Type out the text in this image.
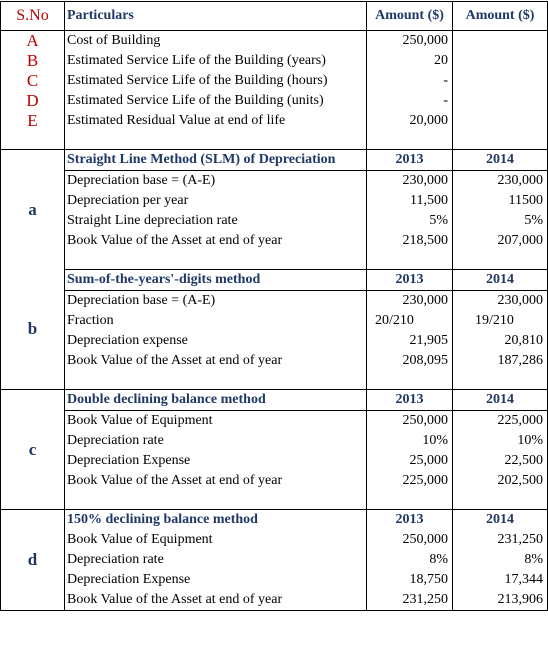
S.No	Particulars	Amount ($)	Amount ($)
A	Cost of Building	250,000	
B	Estimated Service Life of the Building (years)	20	
C	Estimated Service Life of the Building (hours)	-	
D	Estimated Service Life of the Building (units)	-	
E	Estimated Residual Value at end of life	20,000	

a	Straight Line Method (SLM) of Depreciation	2013	2014
	Depreciation base = (A-E)	230,000	230,000
	Depreciation per year	11,500	11500
	Straight Line depreciation rate	5%	5%
	Book Value of the Asset at end of year	218,500	207,000

b	Sum-of-the-years'-digits method	2013	2014
	Depreciation base = (A-E)	230,000	230,000
	Fraction	20/210	19/210
	Depreciation expense	21,905	20,810
	Book Value of the Asset at end of year	208,095	187,286

c	Double declining balance method	2013	2014
	Book Value of Equipment	250,000	225,000
	Depreciation rate	10%	10%
	Depreciation Expense	25,000	22,500
	Book Value of the Asset at end of year	225,000	202,500

d	150% declining balance method	2013	2014
	Book Value of Equipment	250,000	231,250
	Depreciation rate	8%	8%
	Depreciation Expense	18,750	17,344
	Book Value of the Asset at end of year	231,250	213,906
